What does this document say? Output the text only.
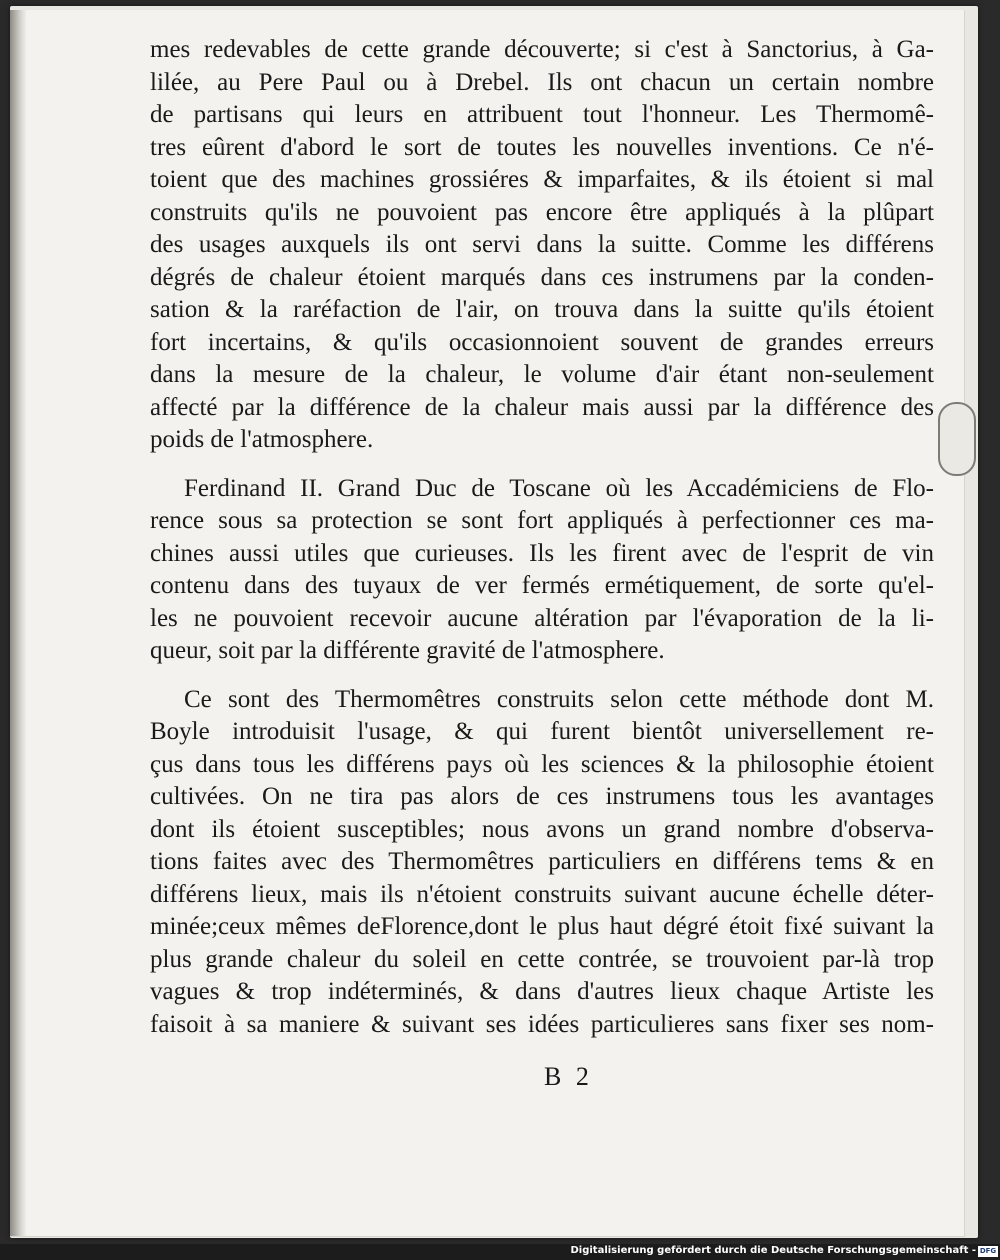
mes redevables de cette grande découverte; si c'est à Sanctorius, à Ga-
lilée, au Pere Paul ou à Drebel. Ils ont chacun un certain nombre
de partisans qui leurs en attribuent tout l'honneur. Les Thermomê-
tres eûrent d'abord le sort de toutes les nouvelles inventions. Ce n'é-
toient que des machines grossiéres & imparfaites, & ils étoient si mal
construits qu'ils ne pouvoient pas encore être appliqués à la plûpart
des usages auxquels ils ont servi dans la suitte. Comme les différens
dégrés de chaleur étoient marqués dans ces instrumens par la conden-
sation & la raréfaction de l'air, on trouva dans la suitte qu'ils étoient
fort incertains, & qu'ils occasionnoient souvent de grandes erreurs
dans la mesure de la chaleur, le volume d'air étant non-seulement
affecté par la différence de la chaleur mais aussi par la différence des
poids de l'atmosphere.
Ferdinand II. Grand Duc de Toscane où les Accadémiciens de Flo-
rence sous sa protection se sont fort appliqués à perfectionner ces ma-
chines aussi utiles que curieuses. Ils les firent avec de l'esprit de vin
contenu dans des tuyaux de ver fermés ermétiquement, de sorte qu'el-
les ne pouvoient recevoir aucune altération par l'évaporation de la li-
queur, soit par la différente gravité de l'atmosphere.
Ce sont des Thermomêtres construits selon cette méthode dont M.
Boyle introduisit l'usage, & qui furent bientôt universellement re-
çus dans tous les différens pays où les sciences & la philosophie étoient
cultivées. On ne tira pas alors de ces instrumens tous les avantages
dont ils étoient susceptibles; nous avons un grand nombre d'observa-
tions faites avec des Thermomêtres particuliers en différens tems & en
différens lieux, mais ils n'étoient construits suivant aucune échelle déter-
minée;ceux mêmes deFlorence,dont le plus haut dégré étoit fixé suivant la
plus grande chaleur du soleil en cette contrée, se trouvoient par-là trop
vagues & trop indéterminés, & dans d'autres lieux chaque Artiste les
faisoit à sa maniere & suivant ses idées particulieres sans fixer ses nom-
B 2
Digitalisierung gefördert durch die Deutsche Forschungsgemeinschaft - DFG
